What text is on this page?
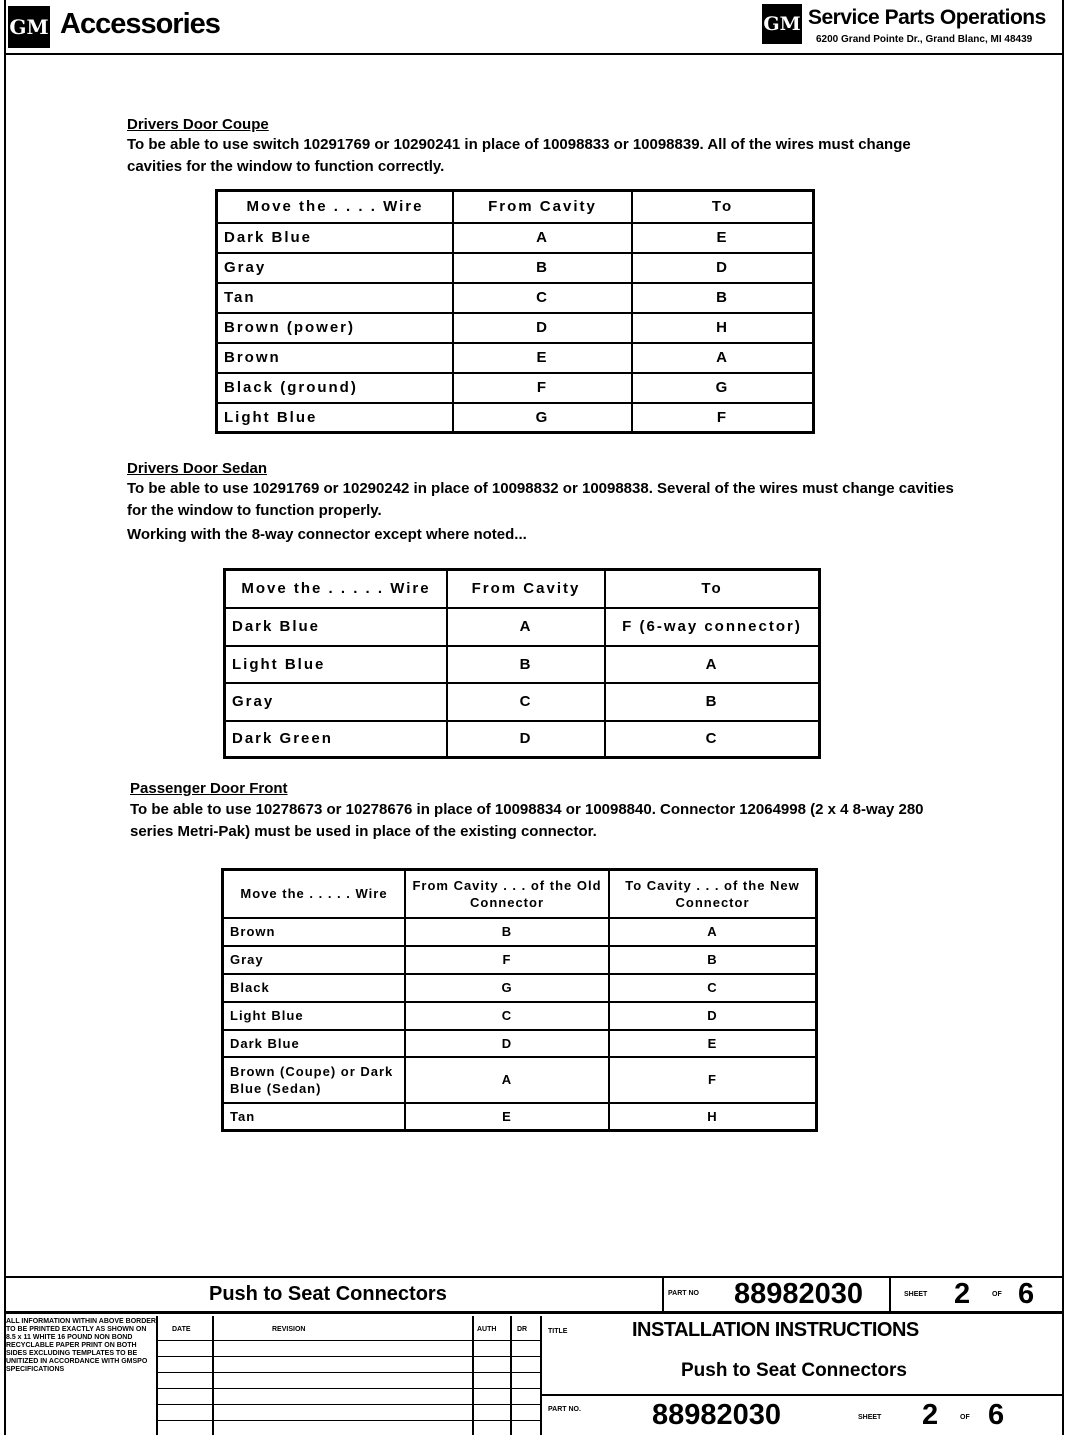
GM Accessories	GM Service Parts Operations
6200 Grand Pointe Dr., Grand Blanc, MI 48439
Drivers Door Coupe
To be able to use switch 10291769 or 10290241 in place of 10098833 or 10098839. All of the wires must change cavities for the window to function correctly.
Move the . . . . Wire	From Cavity	To
Dark Blue	A	E
Gray	B	D
Tan	C	B
Brown (power)	D	H
Brown	E	A
Black (ground)	F	G
Light Blue	G	F
Drivers Door Sedan
To be able to use 10291769 or 10290242 in place of 10098832 or 10098838. Several of the wires must change cavities for the window to function properly.
Working with the 8-way connector except where noted...
Move the . . . . . Wire	From Cavity	To
Dark Blue	A	F (6-way connector)
Light Blue	B	A
Gray	C	B
Dark Green	D	C
Passenger Door Front
To be able to use 10278673 or 10278676 in place of 10098834 or 10098840. Connector 12064998 (2 x 4 8-way 280 series Metri-Pak) must be used in place of the existing connector.
Move the . . . . . Wire	From Cavity . . . of the Old Connector	To Cavity . . . of the New Connector
Brown	B	A
Gray	F	B
Black	G	C
Light Blue	C	D
Dark Blue	D	E
Brown (Coupe) or Dark Blue (Sedan)	A	F
Tan	E	H
Push to Seat Connectors	PART NO 88982030	SHEET 2	OF 6
ALL INFORMATION WITHIN ABOVE BORDER TO BE PRINTED EXACTLY AS SHOWN ON 8.5 x 11 WHITE 16 POUND NON BOND RECYCLABLE PAPER PRINT ON BOTH SIDES EXCLUDING TEMPLATES TO BE UNITIZED IN ACCORDANCE WITH GMSPO SPECIFICATIONS
DATE	REVISION	AUTH	DR	TITLE	INSTALLATION INSTRUCTIONS
Push to Seat Connectors
PART NO. 88982030	SHEET 2	OF 6
